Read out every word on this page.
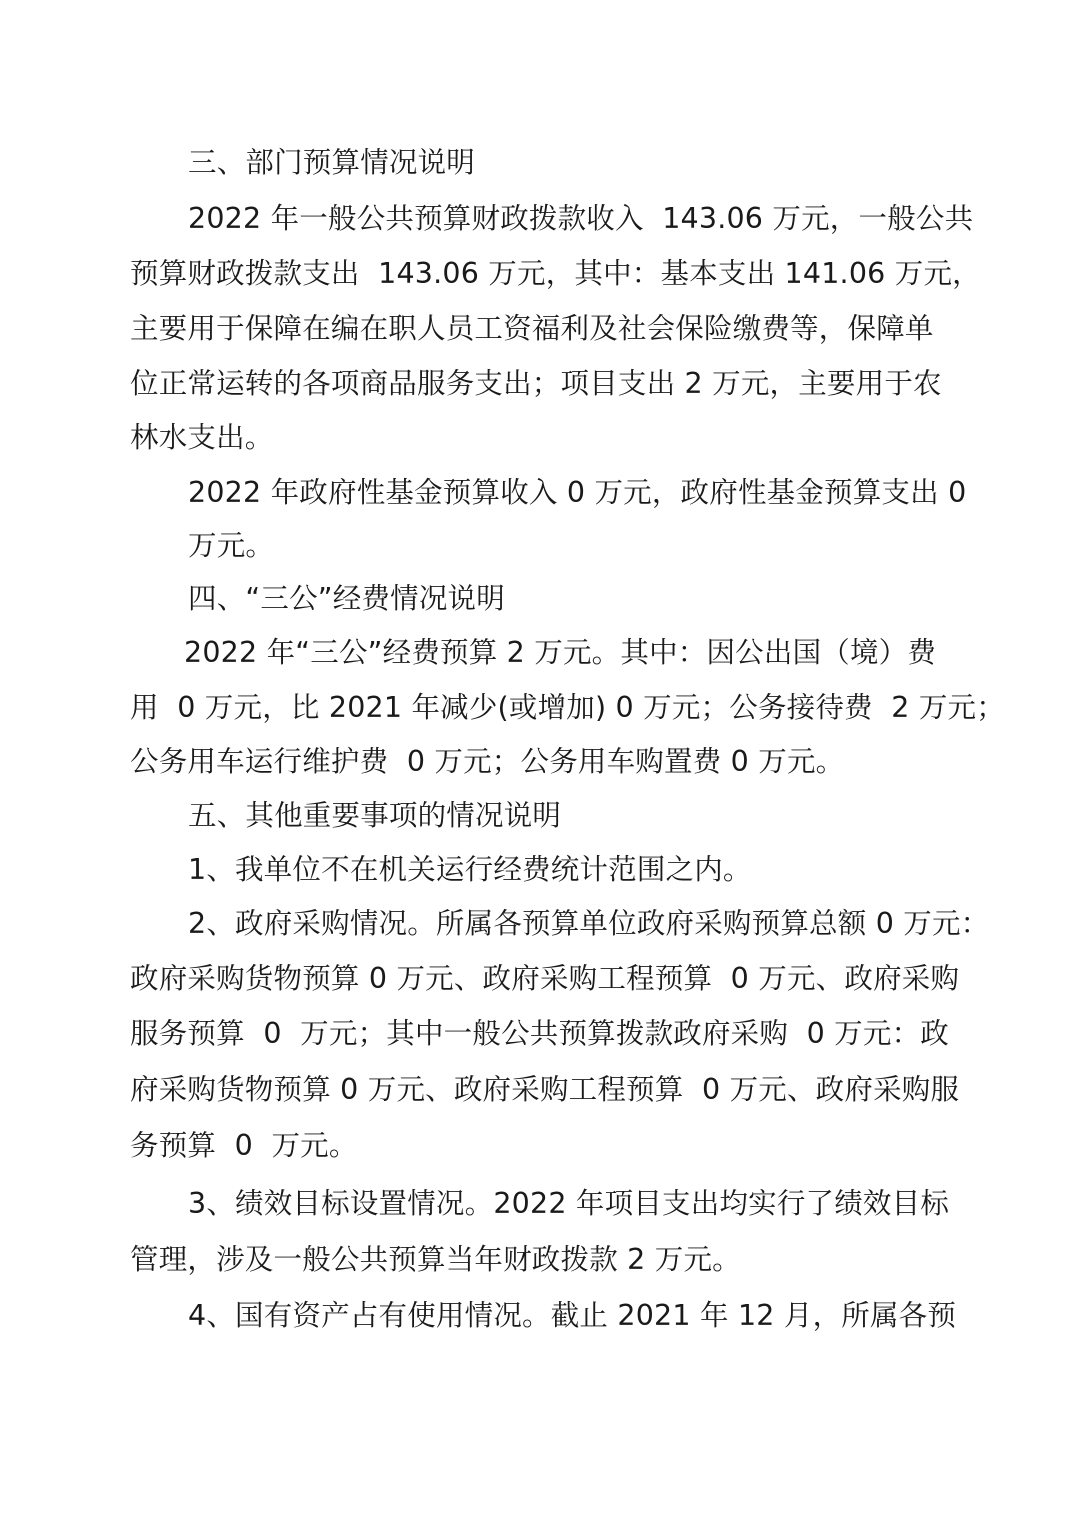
三、部门预算情况说明
2022 年一般公共预算财政拨款收入  143.06 万元，一般公共
预算财政拨款支出  143.06 万元，其中：基本支出 141.06 万元，
主要用于保障在编在职人员工资福利及社会保险缴费等，保障单
位正常运转的各项商品服务支出；项目支出 2 万元，主要用于农
林水支出。
2022 年政府性基金预算收入 0 万元，政府性基金预算支出 0
万元。
四、“三公”经费情况说明
2022 年“三公”经费预算 2 万元。其中：因公出国（境）费
用  0 万元，比 2021 年减少(或增加) 0 万元；公务接待费  2 万元；
公务用车运行维护费  0 万元；公务用车购置费 0 万元。
五、其他重要事项的情况说明
1、我单位不在机关运行经费统计范围之内。
2、政府采购情况。所属各预算单位政府采购预算总额 0 万元：
政府采购货物预算 0 万元、政府采购工程预算  0 万元、政府采购
服务预算  0  万元；其中一般公共预算拨款政府采购  0 万元：政
府采购货物预算 0 万元、政府采购工程预算  0 万元、政府采购服
务预算  0  万元。
3、绩效目标设置情况。2022 年项目支出均实行了绩效目标
管理，涉及一般公共预算当年财政拨款 2 万元。
4、国有资产占有使用情况。截止 2021 年 12 月，所属各预
